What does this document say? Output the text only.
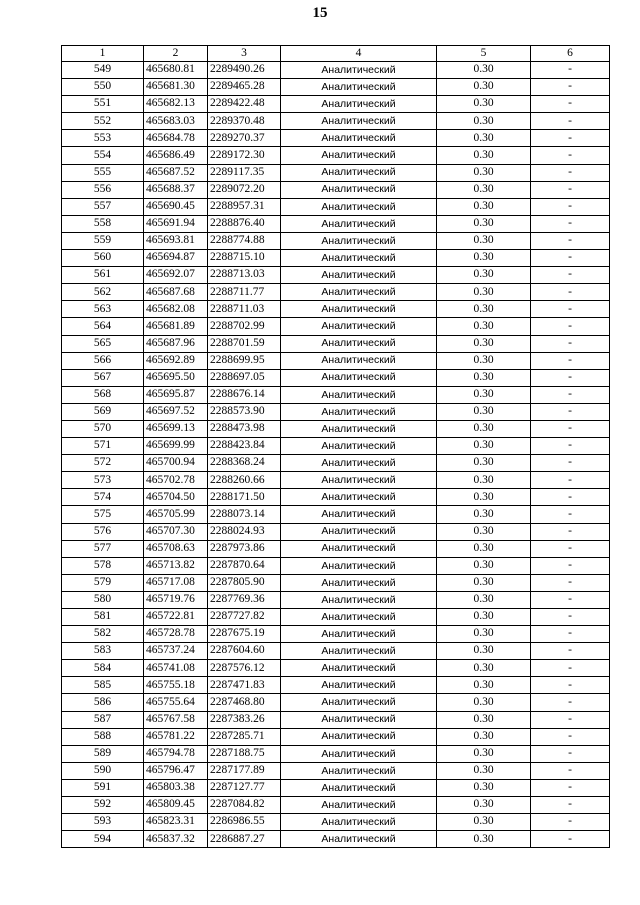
15
1	2	3	4	5	6
549	465680.81	2289490.26	Аналитический	0.30	-
550	465681.30	2289465.28	Аналитический	0.30	-
551	465682.13	2289422.48	Аналитический	0.30	-
552	465683.03	2289370.48	Аналитический	0.30	-
553	465684.78	2289270.37	Аналитический	0.30	-
554	465686.49	2289172.30	Аналитический	0.30	-
555	465687.52	2289117.35	Аналитический	0.30	-
556	465688.37	2289072.20	Аналитический	0.30	-
557	465690.45	2288957.31	Аналитический	0.30	-
558	465691.94	2288876.40	Аналитический	0.30	-
559	465693.81	2288774.88	Аналитический	0.30	-
560	465694.87	2288715.10	Аналитический	0.30	-
561	465692.07	2288713.03	Аналитический	0.30	-
562	465687.68	2288711.77	Аналитический	0.30	-
563	465682.08	2288711.03	Аналитический	0.30	-
564	465681.89	2288702.99	Аналитический	0.30	-
565	465687.96	2288701.59	Аналитический	0.30	-
566	465692.89	2288699.95	Аналитический	0.30	-
567	465695.50	2288697.05	Аналитический	0.30	-
568	465695.87	2288676.14	Аналитический	0.30	-
569	465697.52	2288573.90	Аналитический	0.30	-
570	465699.13	2288473.98	Аналитический	0.30	-
571	465699.99	2288423.84	Аналитический	0.30	-
572	465700.94	2288368.24	Аналитический	0.30	-
573	465702.78	2288260.66	Аналитический	0.30	-
574	465704.50	2288171.50	Аналитический	0.30	-
575	465705.99	2288073.14	Аналитический	0.30	-
576	465707.30	2288024.93	Аналитический	0.30	-
577	465708.63	2287973.86	Аналитический	0.30	-
578	465713.82	2287870.64	Аналитический	0.30	-
579	465717.08	2287805.90	Аналитический	0.30	-
580	465719.76	2287769.36	Аналитический	0.30	-
581	465722.81	2287727.82	Аналитический	0.30	-
582	465728.78	2287675.19	Аналитический	0.30	-
583	465737.24	2287604.60	Аналитический	0.30	-
584	465741.08	2287576.12	Аналитический	0.30	-
585	465755.18	2287471.83	Аналитический	0.30	-
586	465755.64	2287468.80	Аналитический	0.30	-
587	465767.58	2287383.26	Аналитический	0.30	-
588	465781.22	2287285.71	Аналитический	0.30	-
589	465794.78	2287188.75	Аналитический	0.30	-
590	465796.47	2287177.89	Аналитический	0.30	-
591	465803.38	2287127.77	Аналитический	0.30	-
592	465809.45	2287084.82	Аналитический	0.30	-
593	465823.31	2286986.55	Аналитический	0.30	-
594	465837.32	2286887.27	Аналитический	0.30	-
